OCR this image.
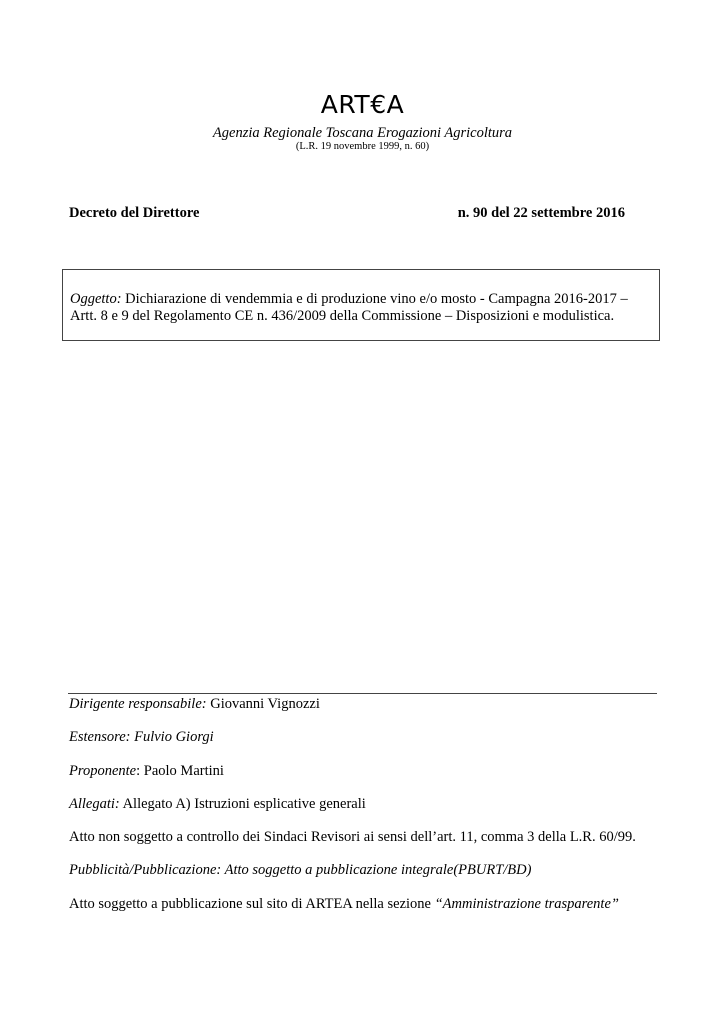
ART€A
Agenzia Regionale Toscana Erogazioni Agricoltura
(L.R. 19 novembre 1999, n. 60)
Decreto del Direttore	n. 90 del 22 settembre 2016
Oggetto: Dichiarazione di vendemmia e di produzione vino e/o mosto - Campagna 2016-2017 –
Artt. 8 e 9 del Regolamento CE n. 436/2009 della Commissione – Disposizioni e modulistica.
Dirigente responsabile: Giovanni Vignozzi
Estensore: Fulvio Giorgi
Proponente: Paolo Martini
Allegati: Allegato A) Istruzioni esplicative generali
Atto non soggetto a controllo dei Sindaci Revisori ai sensi dell’art. 11, comma 3 della L.R. 60/99.
Pubblicità/Pubblicazione: Atto soggetto a pubblicazione integrale(PBURT/BD)
Atto soggetto a pubblicazione sul sito di ARTEA nella sezione “Amministrazione trasparente”
